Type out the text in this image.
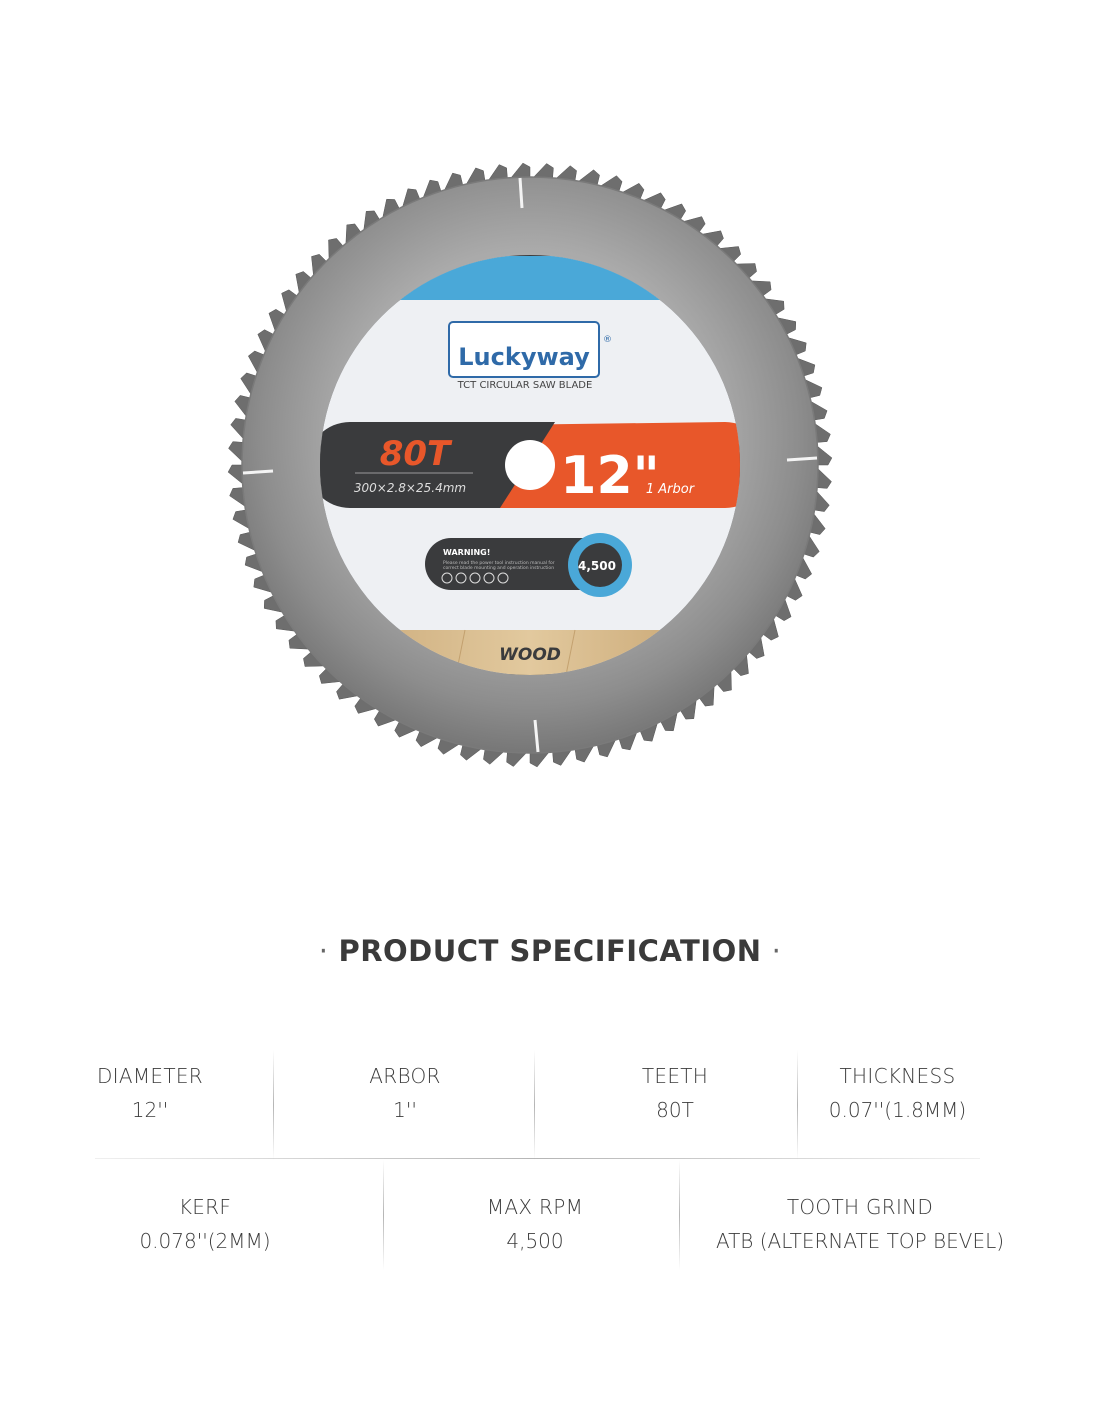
Luckyway
®
TCT CIRCULAR SAW BLADE
80T
300×2.8×25.4mm 12"
1 Arbor
WARNING!
Please read the power tool instruction manual for
correct blade mounting and operation instruction 4,500
WOOD
· PRODUCT SPECIFICATION ·
DIAMETER
12''
ARBOR
1''
TEETH
80T
THICKNESS
0.07''(1.8MM)
KERF
0.078''(2MM)
MAX RPM
4,500
TOOTH GRIND
ATB (ALTERNATE TOP BEVEL)
